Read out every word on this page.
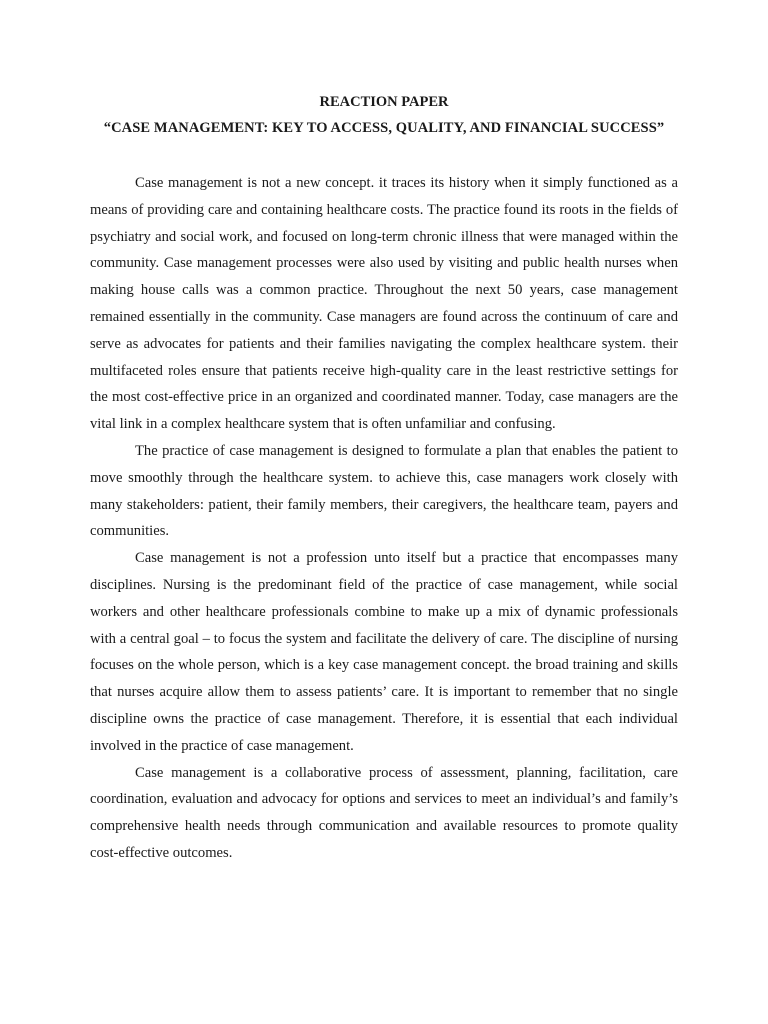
REACTION PAPER
“CASE MANAGEMENT: KEY TO ACCESS, QUALITY, AND FINANCIAL SUCCESS”

Case management is not a new concept. it traces its history when it simply functioned as a means of providing care and containing healthcare costs. The practice found its roots in the fields of psychiatry and social work, and focused on long-term chronic illness that were managed within the community. Case management processes were also used by visiting and public health nurses when making house calls was a common practice. Throughout the next 50 years, case management remained essentially in the community. Case managers are found across the continuum of care and serve as advocates for patients and their families navigating the complex healthcare system. their multifaceted roles ensure that patients receive high-quality care in the least restrictive settings for the most cost-effective price in an organized and coordinated manner. Today, case managers are the vital link in a complex healthcare system that is often unfamiliar and confusing.

The practice of case management is designed to formulate a plan that enables the patient to move smoothly through the healthcare system. to achieve this, case managers work closely with many stakeholders: patient, their family members, their caregivers, the healthcare team, payers and communities.

Case management is not a profession unto itself but a practice that encompasses many disciplines. Nursing is the predominant field of the practice of case management, while social workers and other healthcare professionals combine to make up a mix of dynamic professionals with a central goal – to focus the system and facilitate the delivery of care. The discipline of nursing focuses on the whole person, which is a key case management concept. the broad training and skills that nurses acquire allow them to assess patients’ care. It is important to remember that no single discipline owns the practice of case management. Therefore, it is essential that each individual involved in the practice of case management.

Case management is a collaborative process of assessment, planning, facilitation, care coordination, evaluation and advocacy for options and services to meet an individual’s and family’s comprehensive health needs through communication and available resources to promote quality cost-effective outcomes.
